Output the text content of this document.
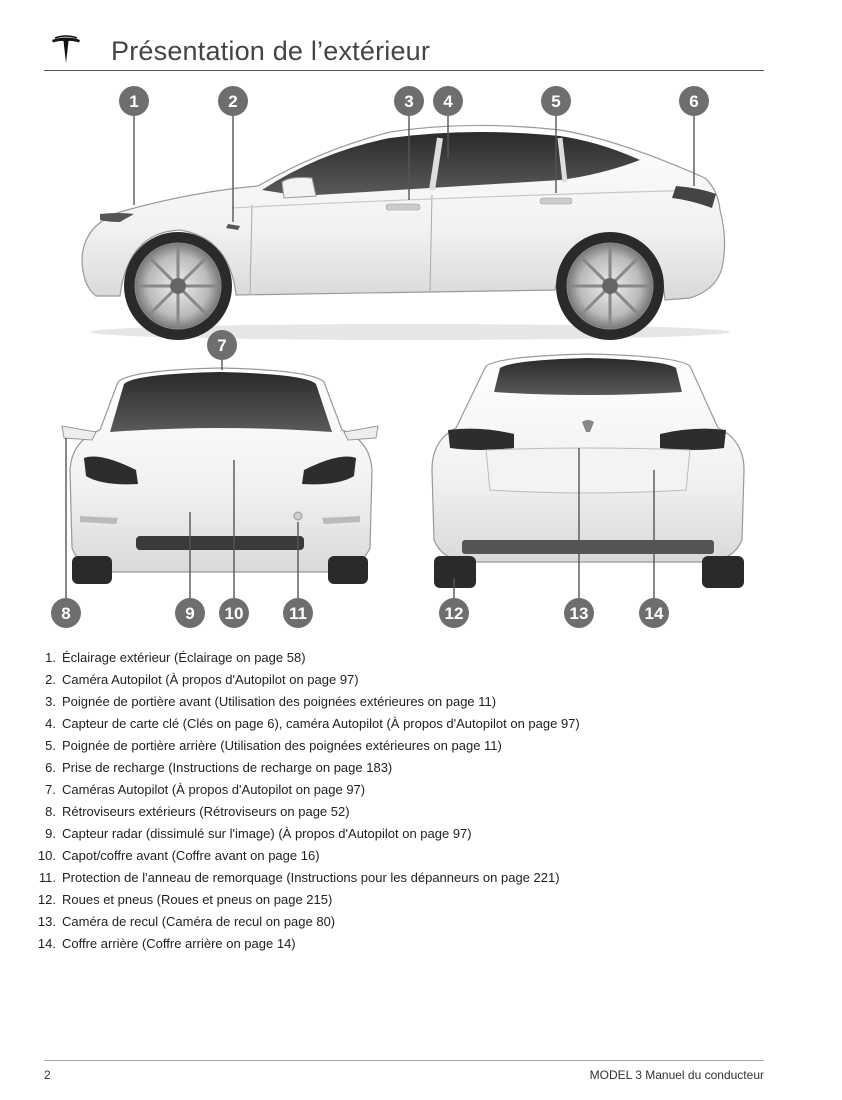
Présentation de l’extérieur
1	2	3 4	5	6
7
8	9 10	11	12	13	14
1. Éclairage extérieur (Éclairage on page 58)
2. Caméra Autopilot (À propos d'Autopilot on page 97)
3. Poignée de portière avant (Utilisation des poignées extérieures on page 11)
4. Capteur de carte clé (Clés on page 6), caméra Autopilot (À propos d'Autopilot on page 97)
5. Poignée de portière arrière (Utilisation des poignées extérieures on page 11)
6. Prise de recharge (Instructions de recharge on page 183)
7. Caméras Autopilot (À propos d'Autopilot on page 97)
8. Rétroviseurs extérieurs (Rétroviseurs on page 52)
9. Capteur radar (dissimulé sur l'image) (À propos d'Autopilot on page 97)
10. Capot/coffre avant (Coffre avant on page 16)
11. Protection de l'anneau de remorquage (Instructions pour les dépanneurs on page 221)
12. Roues et pneus (Roues et pneus on page 215)
13. Caméra de recul (Caméra de recul on page 80)
14. Coffre arrière (Coffre arrière on page 14)
2	MODEL 3 Manuel du conducteur
